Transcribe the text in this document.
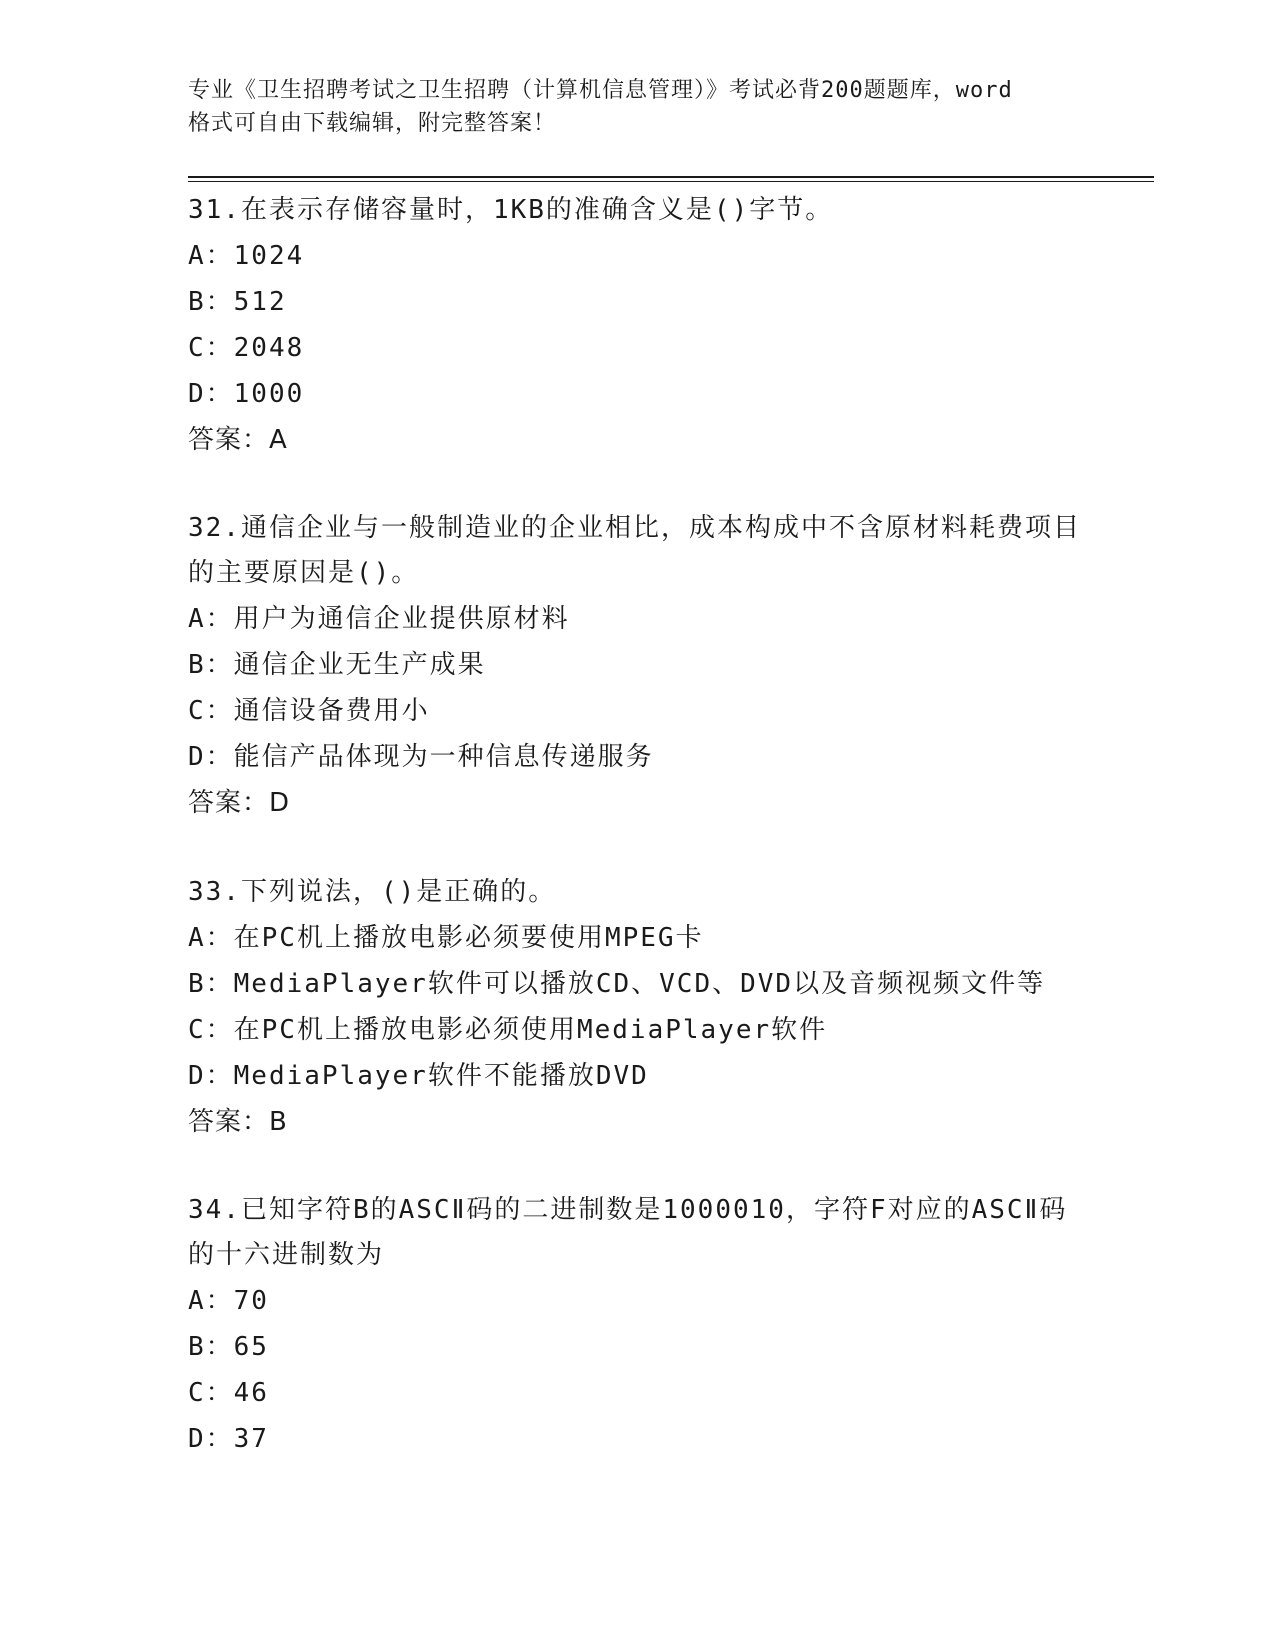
专业《卫生招聘考试之卫生招聘（计算机信息管理）》考试必背200题题库，word
格式可自由下载编辑，附完整答案！
31.在表示存储容量时，1KB的准确含义是()字节。
A：1024
B：512
C：2048
D：1000
答案：A
32.通信企业与一般制造业的企业相比，成本构成中不含原材料耗费项目的主要原因是()。
A：用户为通信企业提供原材料
B：通信企业无生产成果
C：通信设备费用小
D：能信产品体现为一种信息传递服务
答案：D
33.下列说法，()是正确的。
A：在PC机上播放电影必须要使用MPEG卡
B：MediaPlayer软件可以播放CD、VCD、DVD以及音频视频文件等
C：在PC机上播放电影必须使用MediaPlayer软件
D：MediaPlayer软件不能播放DVD
答案：B
34.已知字符B的ASCⅡ码的二进制数是1000010，字符F对应的ASCⅡ码的十六进制数为
A：70
B：65
C：46
D：37
